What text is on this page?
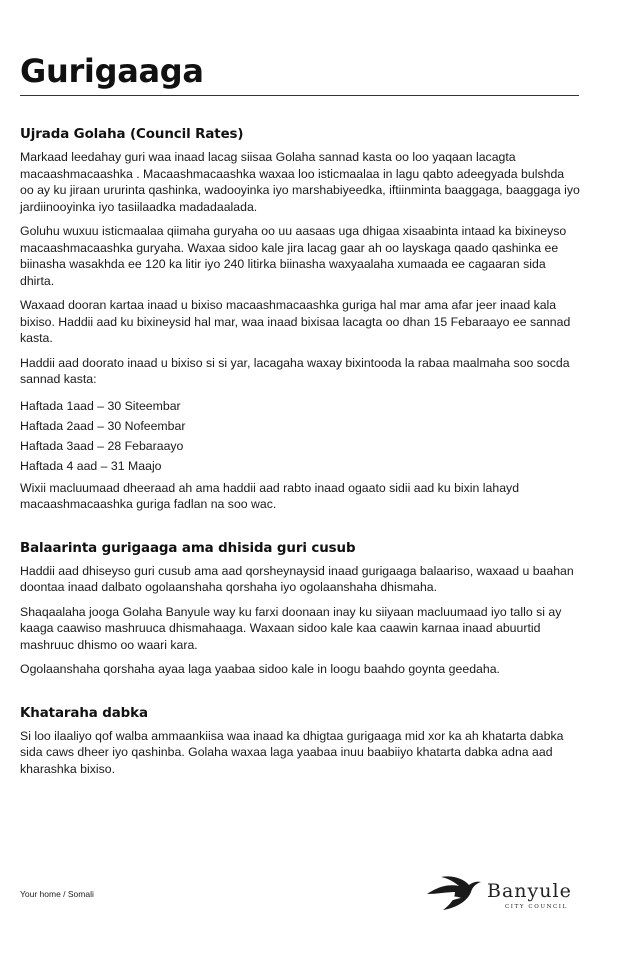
Gurigaaga
Ujrada Golaha (Council Rates)

Markaad leedahay guri waa inaad lacag siisaa Golaha sannad kasta oo loo yaqaan lacagta macaashmacaashka . Macaashmacaashka waxaa loo isticmaalaa in lagu qabto adeegyada bulshda oo ay ku jiraan ururinta qashinka, wadooyinka iyo marshabiyeedka, iftiinminta baaggaga, baaggaga iyo jardiinooyinka iyo tasiilaadka madadaalada.

Goluhu wuxuu isticmaalaa qiimaha guryaha oo uu aasaas uga dhigaa xisaabinta intaad ka bixineyso macaashmacaashka guryaha. Waxaa sidoo kale jira lacag gaar ah oo layskaga qaado qashinka ee biinasha wasakhda ee 120 ka litir iyo 240 litirka biinasha waxyaalaha xumaada ee cagaaran sida dhirta.

Waxaad dooran kartaa inaad u bixiso macaashmacaashka guriga hal mar ama afar jeer inaad kala bixiso. Haddii aad ku bixineysid hal mar, waa inaad bixisaa lacagta oo dhan 15 Febaraayo ee sannad kasta.

Haddii aad doorato inaad u bixiso si si yar, lacagaha waxay bixintooda la rabaa maalmaha soo socda sannad kasta:

Haftada 1aad – 30 Siteembar
Haftada 2aad – 30 Nofeembar
Haftada 3aad – 28 Febaraayo
Haftada 4 aad – 31 Maajo

Wixii macluumaad dheeraad ah ama haddii aad rabto inaad ogaato sidii aad ku bixin lahayd macaashmacaashka guriga fadlan na soo wac.

Balaarinta gurigaaga ama dhisida guri cusub

Haddii aad dhiseyso guri cusub ama aad qorsheynaysid inaad gurigaaga balaariso, waxaad u baahan doontaa inaad dalbato ogolaanshaha qorshaha iyo ogolaanshaha dhismaha.

Shaqaalaha jooga Golaha Banyule way ku farxi doonaan inay ku siiyaan macluumaad iyo tallo si ay kaaga caawiso mashruuca dhismahaaga. Waxaan sidoo kale kaa caawin karnaa inaad abuurtid mashruuc dhismo oo waari kara.

Ogolaanshaha qorshaha ayaa laga yaabaa sidoo kale in loogu baahdo goynta geedaha.

Khataraha dabka

Si loo ilaaliyo qof walba ammaankiisa waa inaad ka dhigtaa gurigaaga mid xor ka ah khatarta dabka sida caws dheer iyo qashinba. Golaha waxaa laga yaabaa inuu baabiiyo khatarta dabka adna aad kharashka bixiso.

Your home / Somali	Banyule
CITY COUNCIL
